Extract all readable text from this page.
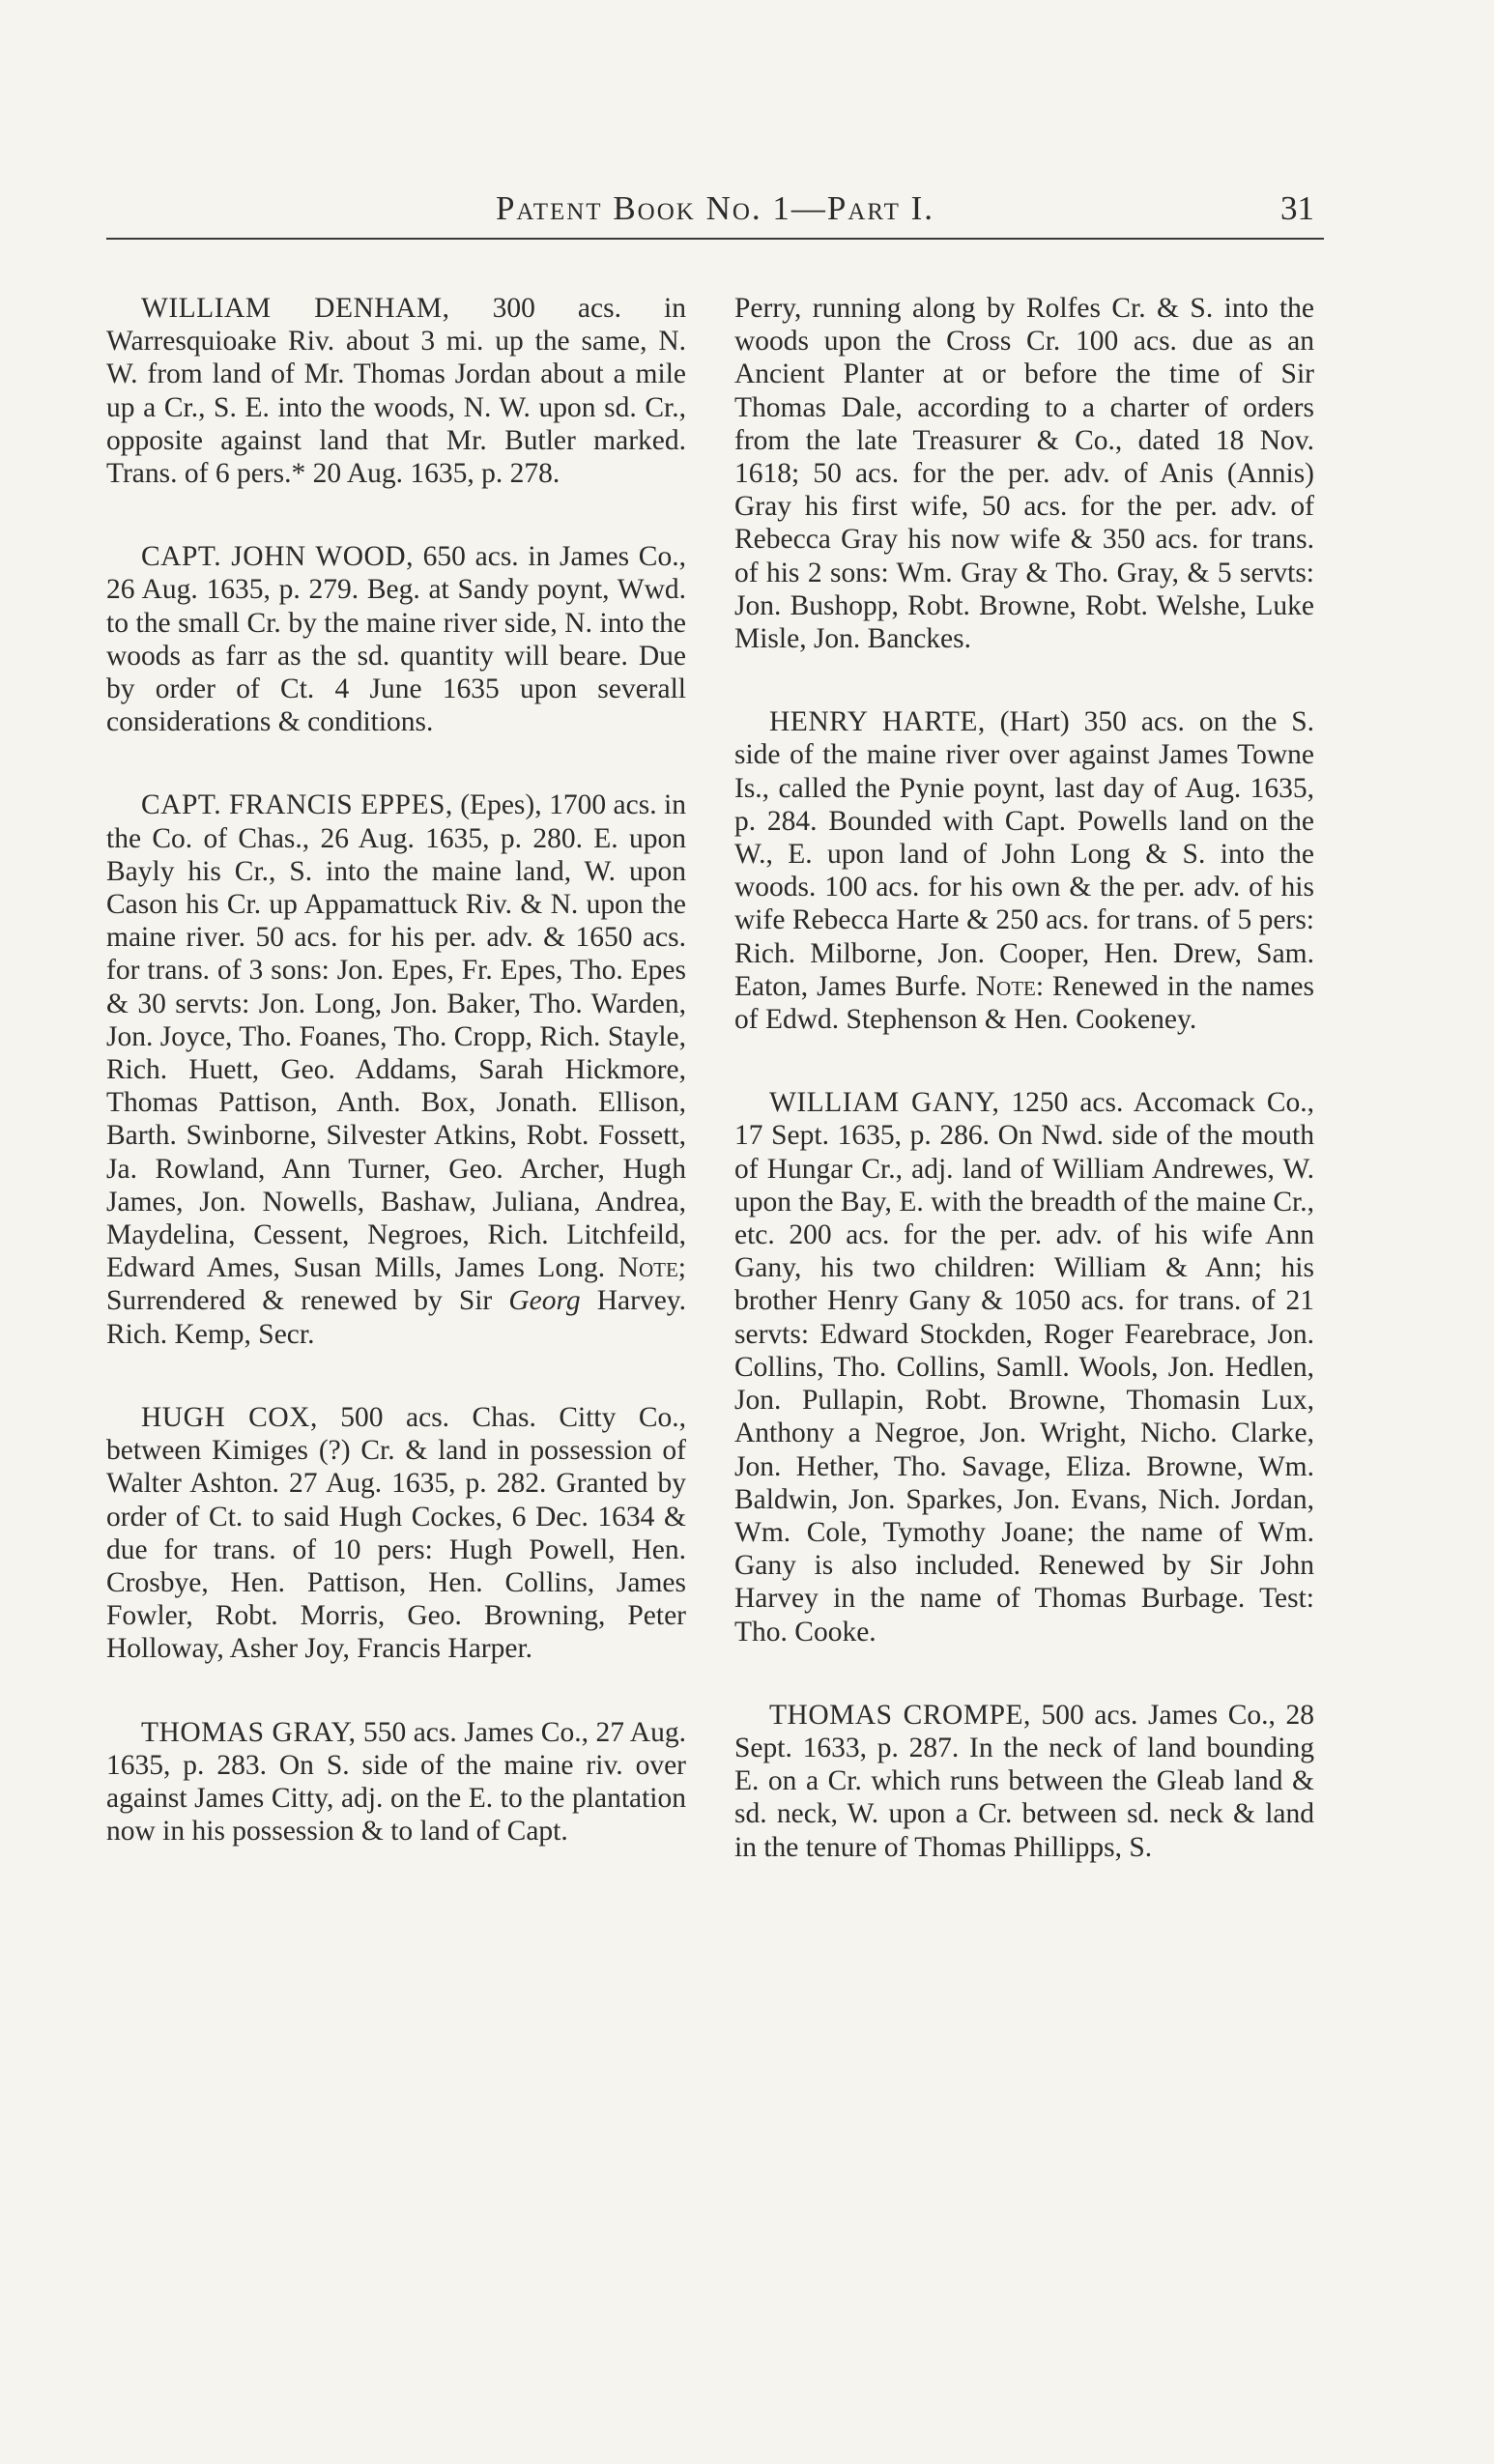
Patent Book No. 1—Part I.	31

WILLIAM DENHAM, 300 acs. in Warresquioake Riv. about 3 mi. up the same, N. W. from land of Mr. Thomas Jordan about a mile up a Cr., S. E. into the woods, N. W. upon sd. Cr., opposite against land that Mr. Butler marked. Trans. of 6 pers.* 20 Aug. 1635, p. 278.

CAPT. JOHN WOOD, 650 acs. in James Co., 26 Aug. 1635, p. 279. Beg. at Sandy poynt, Wwd. to the small Cr. by the maine river side, N. into the woods as farr as the sd. quantity will beare. Due by order of Ct. 4 June 1635 upon severall considerations & conditions.

CAPT. FRANCIS EPPES, (Epes), 1700 acs. in the Co. of Chas., 26 Aug. 1635, p. 280. E. upon Bayly his Cr., S. into the maine land, W. upon Cason his Cr. up Appamattuck Riv. & N. upon the maine river. 50 acs. for his per. adv. & 1650 acs. for trans. of 3 sons: Jon. Epes, Fr. Epes, Tho. Epes & 30 servts: Jon. Long, Jon. Baker, Tho. Warden, Jon. Joyce, Tho. Foanes, Tho. Cropp, Rich. Stayle, Rich. Huett, Geo. Addams, Sarah Hickmore, Thomas Pattison, Anth. Box, Jonath. Ellison, Barth. Swinborne, Silvester Atkins, Robt. Fossett, Ja. Rowland, Ann Turner, Geo. Archer, Hugh James, Jon. Nowells, Bashaw, Juliana, Andrea, Maydelina, Cessent, Negroes, Rich. Litchfeild, Edward Ames, Susan Mills, James Long. Note; Surrendered & renewed by Sir Georg Harvey. Rich. Kemp, Secr.

HUGH COX, 500 acs. Chas. Citty Co., between Kimiges (?) Cr. & land in possession of Walter Ashton. 27 Aug. 1635, p. 282. Granted by order of Ct. to said Hugh Cockes, 6 Dec. 1634 & due for trans. of 10 pers: Hugh Powell, Hen. Crosbye, Hen. Pattison, Hen. Collins, James Fowler, Robt. Morris, Geo. Browning, Peter Holloway, Asher Joy, Francis Harper.

THOMAS GRAY, 550 acs. James Co., 27 Aug. 1635, p. 283. On S. side of the maine riv. over against James Citty, adj. on the E. to the plantation now in his possession & to land of Capt.

Perry, running along by Rolfes Cr. & S. into the woods upon the Cross Cr. 100 acs. due as an Ancient Planter at or before the time of Sir Thomas Dale, according to a charter of orders from the late Treasurer & Co., dated 18 Nov. 1618; 50 acs. for the per. adv. of Anis (Annis) Gray his first wife, 50 acs. for the per. adv. of Rebecca Gray his now wife & 350 acs. for trans. of his 2 sons: Wm. Gray & Tho. Gray, & 5 servts: Jon. Bushopp, Robt. Browne, Robt. Welshe, Luke Misle, Jon. Banckes.

HENRY HARTE, (Hart) 350 acs. on the S. side of the maine river over against James Towne Is., called the Pynie poynt, last day of Aug. 1635, p. 284. Bounded with Capt. Powells land on the W., E. upon land of John Long & S. into the woods. 100 acs. for his own & the per. adv. of his wife Rebecca Harte & 250 acs. for trans. of 5 pers: Rich. Milborne, Jon. Cooper, Hen. Drew, Sam. Eaton, James Burfe. Note: Renewed in the names of Edwd. Stephenson & Hen. Cookeney.

WILLIAM GANY, 1250 acs. Accomack Co., 17 Sept. 1635, p. 286. On Nwd. side of the mouth of Hungar Cr., adj. land of William Andrewes, W. upon the Bay, E. with the breadth of the maine Cr., etc. 200 acs. for the per. adv. of his wife Ann Gany, his two children: William & Ann; his brother Henry Gany & 1050 acs. for trans. of 21 servts: Edward Stockden, Roger Fearebrace, Jon. Collins, Tho. Collins, Samll. Wools, Jon. Hedlen, Jon. Pullapin, Robt. Browne, Thomasin Lux, Anthony a Negroe, Jon. Wright, Nicho. Clarke, Jon. Hether, Tho. Savage, Eliza. Browne, Wm. Baldwin, Jon. Sparkes, Jon. Evans, Nich. Jordan, Wm. Cole, Tymothy Joane; the name of Wm. Gany is also included. Renewed by Sir John Harvey in the name of Thomas Burbage. Test: Tho. Cooke.

THOMAS CROMPE, 500 acs. James Co., 28 Sept. 1633, p. 287. In the neck of land bounding E. on a Cr. which runs between the Gleab land & sd. neck, W. upon a Cr. between sd. neck & land in the tenure of Thomas Phillipps, S.
